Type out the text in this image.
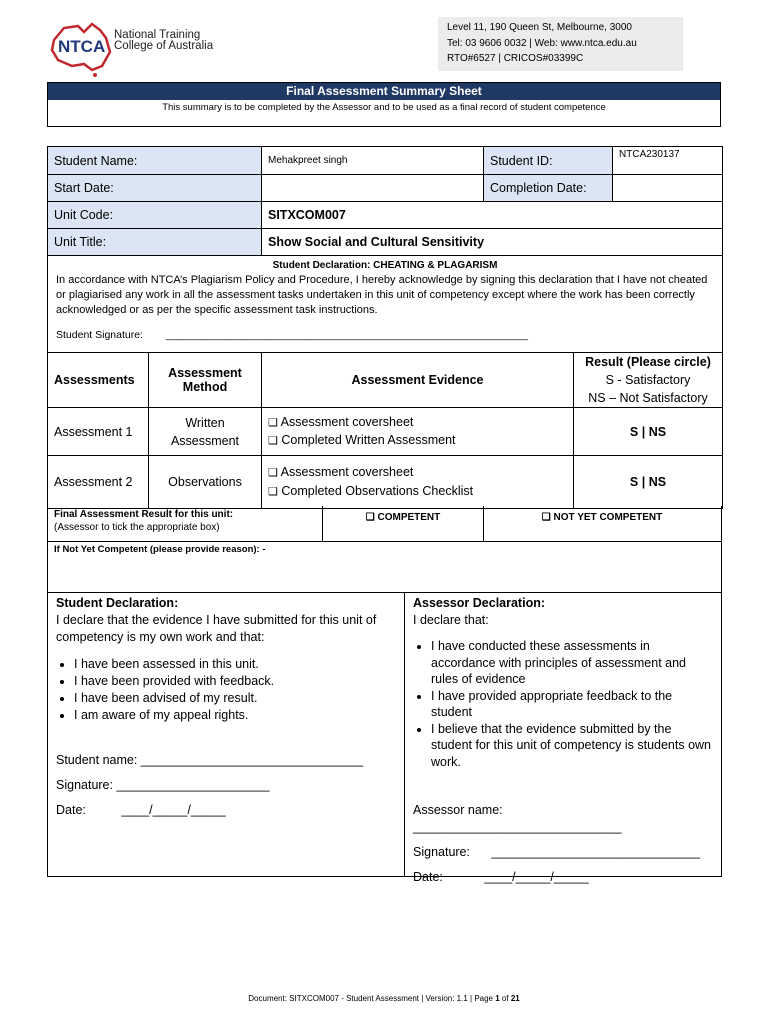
NTCA
National Training
College of Australia
Level 11, 190 Queen St, Melbourne, 3000
Tel: 03 9606 0032 | Web: www.ntca.edu.au
RTO#6527 | CRICOS#03399C
Final Assessment Summary Sheet
This summary is to be completed by the Assessor and to be used as a final record of student competence
Student Name:		Mehakpreet singh	Student ID:		NTCA230137
Start Date:			Completion Date:		
Unit Code:		SITXCOM007			
Unit Title:		Show Social and Cultural Sensitivity			

Student Declaration: CHEATING & PLAGARISM
In accordance with NTCA’s Plagiarism Policy and Procedure, I hereby acknowledge by signing this declaration that I have not cheated or plagiarised any work in all the assessment tasks undertaken in this unit of competency except where the work has been correctly acknowledged or as per the specific assessment task instructions.
Student Signature: ______________________________________________________________					

Assessments	Assessment Method	Assessment Evidence		Result (Please circle)
S - Satisfactory
NS – Not Satisfactory	

Assessment 1	Written Assessment	❑ Assessment coversheet
❑ Completed Written Assessment		S | NS	
Assessment 2	Observations	❑ Assessment coversheet
❑ Completed Observations Checklist		S | NS	
Final Assessment Result for this unit:
(Assessor to tick the appropriate box)
❑ COMPETENT	❑ NOT YET COMPETENT
If Not Yet Competent (please provide reason): -
Student Declaration:
I declare that the evidence I have submitted for this unit of competency is my own work and that:
• I have been assessed in this unit.
• I have been provided with feedback.
• I have been advised of my result.
• I am aware of my appeal rights.
Student name: ________________________________
Signature: ______________________
Date:	____/_____/_____
Assessor Declaration:
I declare that:
• I have conducted these assessments in accordance with principles of assessment and rules of evidence
• I have provided appropriate feedback to the student
• I believe that the evidence submitted by the student for this unit of competency is students own work.
Assessor name: ______________________________
Signature: ______________________________
Date:	____/_____/_____
Document: SITXCOM007 - Student Assessment | Version: 1.1 | Page 1 of 21
